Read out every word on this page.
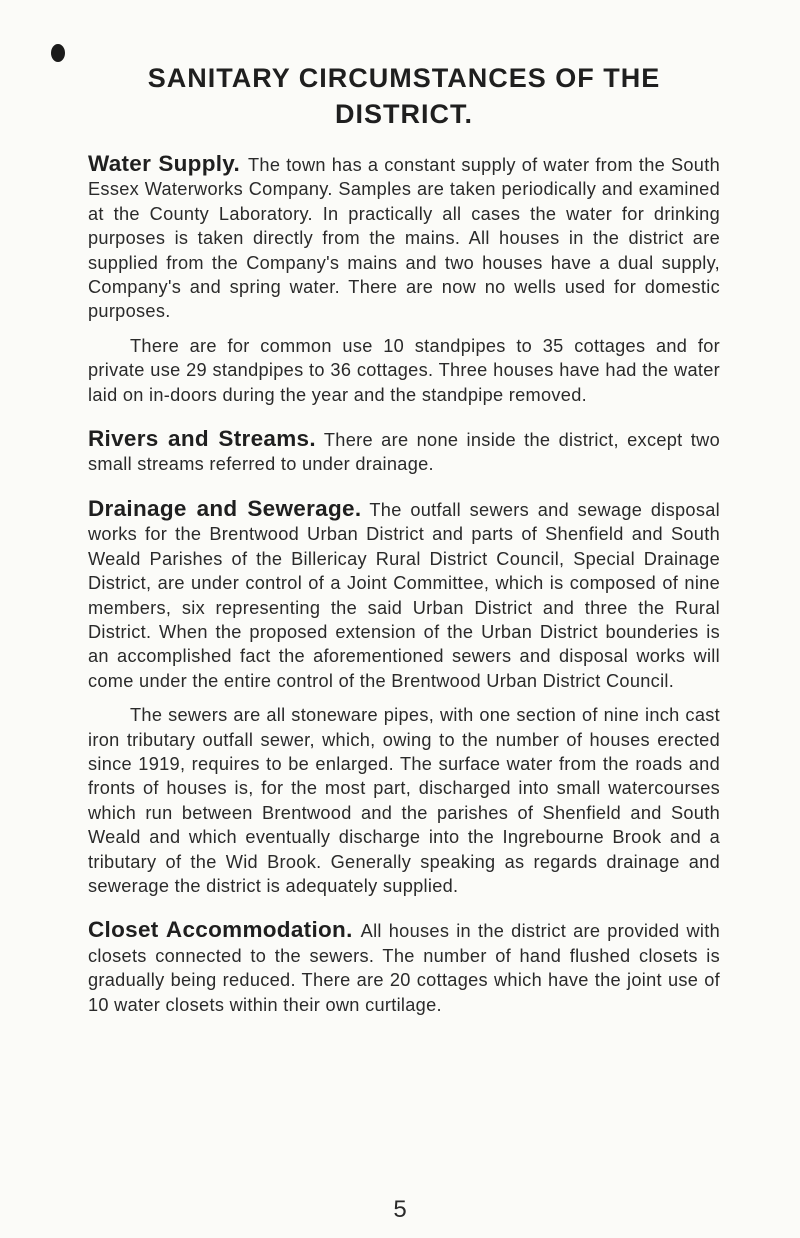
SANITARY CIRCUMSTANCES OF THE
DISTRICT.

Water Supply. The town has a constant supply of water from the South Essex Waterworks Company. Samples are taken periodically and examined at the County Laboratory. In practically all cases the water for drinking purposes is taken directly from the mains. All houses in the district are supplied from the Company's mains and two houses have a dual supply, Company's and spring water. There are now no wells used for domestic purposes.

There are for common use 10 standpipes to 35 cottages and for private use 29 standpipes to 36 cottages. Three houses have had the water laid on in-doors during the year and the standpipe removed.

Rivers and Streams. There are none inside the district, except two small streams referred to under drainage.

Drainage and Sewerage. The outfall sewers and sewage disposal works for the Brentwood Urban District and parts of Shenfield and South Weald Parishes of the Billericay Rural District Council, Special Drainage District, are under control of a Joint Committee, which is composed of nine members, six representing the said Urban District and three the Rural District. When the proposed extension of the Urban District bounderies is an accomplished fact the aforementioned sewers and disposal works will come under the entire control of the Brentwood Urban District Council.

The sewers are all stoneware pipes, with one section of nine inch cast iron tributary outfall sewer, which, owing to the number of houses erected since 1919, requires to be enlarged. The surface water from the roads and fronts of houses is, for the most part, discharged into small watercourses which run between Brentwood and the parishes of Shenfield and South Weald and which eventually discharge into the Ingrebourne Brook and a tributary of the Wid Brook. Generally speaking as regards drainage and sewerage the district is adequately supplied.

Closet Accommodation. All houses in the district are provided with closets connected to the sewers. The number of hand flushed closets is gradually being reduced. There are 20 cottages which have the joint use of 10 water closets within their own curtilage.

5
